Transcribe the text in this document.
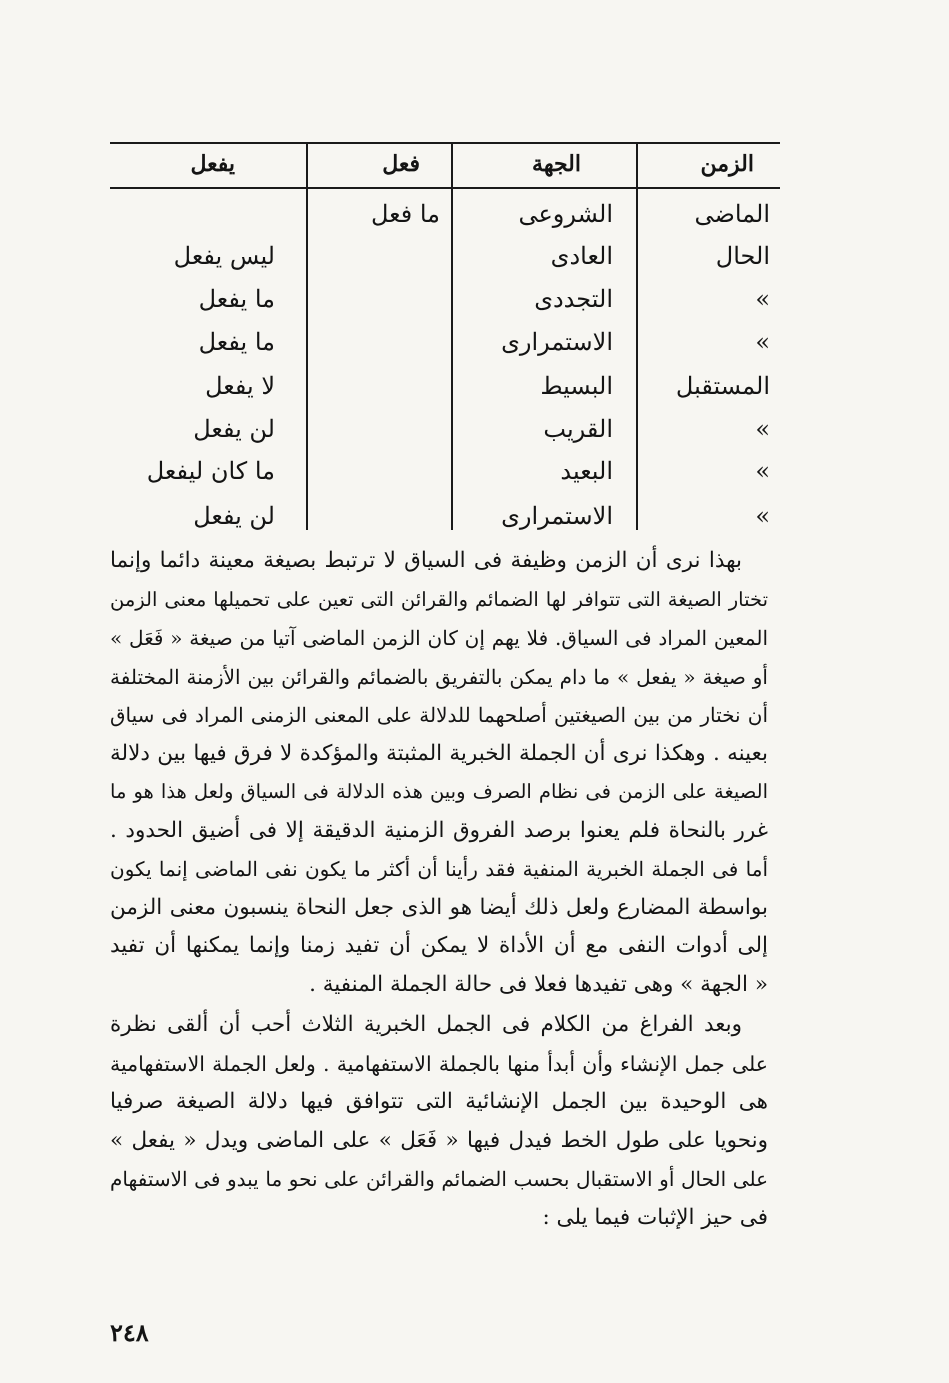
الزمن
الجهة
فعل
يفعل
الماضى
الشروعى
ما فعل
الحال
العادى
ليس يفعل
»
التجددى
ما يفعل
»
الاستمرارى
ما يفعل
المستقبل
البسيط
لا يفعل
»
القريب
لن يفعل
»
البعيد
ما كان ليفعل
»
الاستمرارى
لن يفعل

بهذا نرى أن الزمن وظيفة فى السياق لا ترتبط بصيغة معينة دائما وإنما

تختار الصيغة التى تتوافر لها الضمائم والقرائن التى تعين على تحميلها معنى الزمن

المعين المراد فى السياق. فلا يهم إن كان الزمن الماضى آتيا من صيغة « فَعَل »

أو صيغة « يفعل » ما دام يمكن بالتفريق بالضمائم والقرائن بين الأزمنة المختلفة

أن نختار من بين الصيغتين أصلحهما للدلالة على المعنى الزمنى المراد فى سياق

بعينه . وهكذا نرى أن الجملة الخبرية المثبتة والمؤكدة لا فرق فيها بين دلالة

الصيغة على الزمن فى نظام الصرف وبين هذه الدلالة فى السياق ولعل هذا هو ما

غرر بالنحاة فلم يعنوا برصد الفروق الزمنية الدقيقة إلا فى أضيق الحدود .

أما فى الجملة الخبرية المنفية فقد رأينا أن أكثر ما يكون نفى الماضى إنما يكون

بواسطة المضارع ولعل ذلك أيضا هو الذى جعل النحاة ينسبون معنى الزمن

إلى أدوات النفى مع أن الأداة لا يمكن أن تفيد زمنا وإنما يمكنها أن تفيد

« الجهة » وهى تفيدها فعلا فى حالة الجملة المنفية .

وبعد الفراغ من الكلام فى الجمل الخبرية الثلاث أحب أن ألقى نظرة

على جمل الإنشاء وأن أبدأ منها بالجملة الاستفهامية . ولعل الجملة الاستفهامية

هى الوحيدة بين الجمل الإنشائية التى تتوافق فيها دلالة الصيغة صرفيا

ونحويا على طول الخط فيدل فيها « فَعَل » على الماضى ويدل « يفعل »

على الحال أو الاستقبال بحسب الضمائم والقرائن على نحو ما يبدو فى الاستفهام

فى حيز الإثبات فيما يلى :

٢٤٨
